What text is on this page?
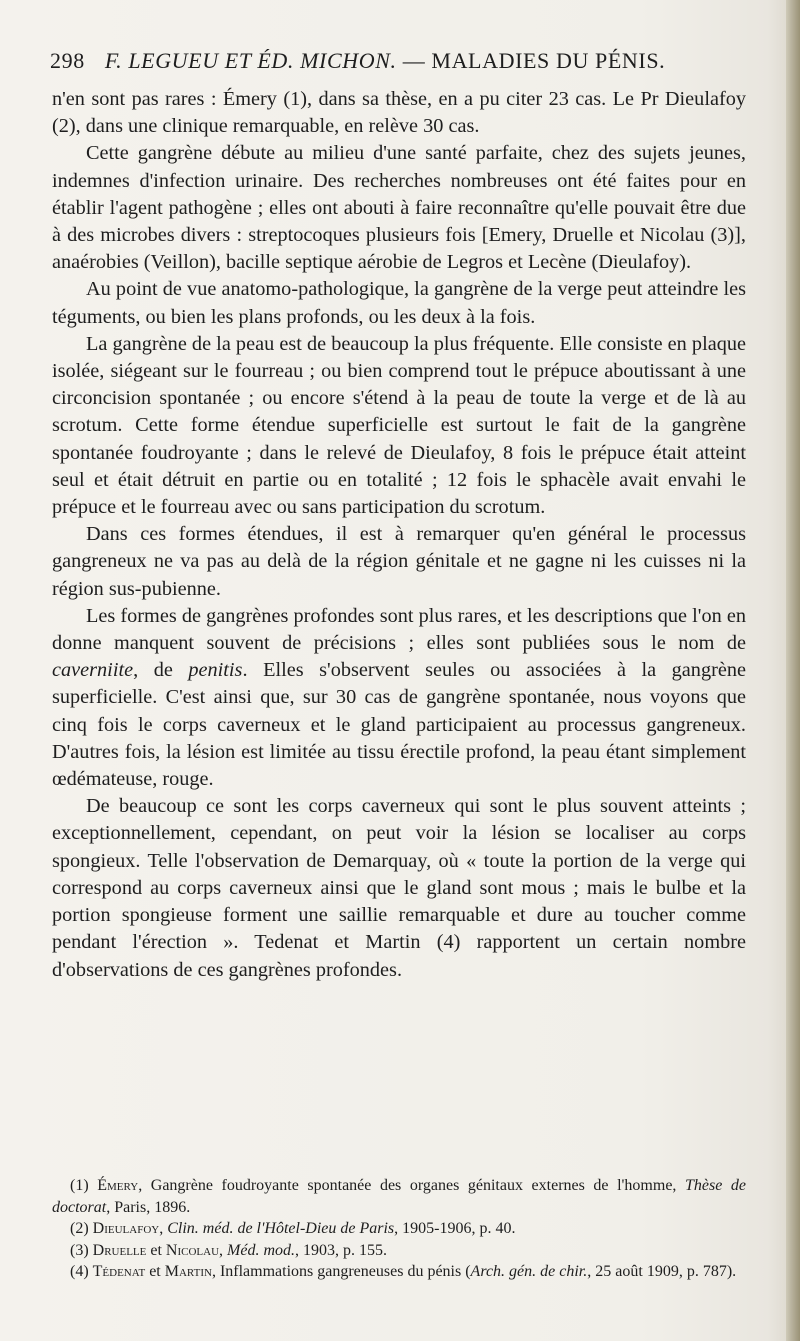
298 F. LEGUEU ET ÉD. MICHON. — MALADIES DU PÉNIS.

n'en sont pas rares : Émery (1), dans sa thèse, en a pu citer 23 cas. Le Pr Dieulafoy (2), dans une clinique remarquable, en relève 30 cas.

Cette gangrène débute au milieu d'une santé parfaite, chez des sujets jeunes, indemnes d'infection urinaire. Des recherches nombreuses ont été faites pour en établir l'agent pathogène ; elles ont abouti à faire reconnaître qu'elle pouvait être due à des microbes divers : streptocoques plusieurs fois [Emery, Druelle et Nicolau (3)], anaérobies (Veillon), bacille septique aérobie de Legros et Lecène (Dieulafoy).

Au point de vue anatomo-pathologique, la gangrène de la verge peut atteindre les téguments, ou bien les plans profonds, ou les deux à la fois.

La gangrène de la peau est de beaucoup la plus fréquente. Elle consiste en plaque isolée, siégeant sur le fourreau ; ou bien comprend tout le prépuce aboutissant à une circoncision spontanée ; ou encore s'étend à la peau de toute la verge et de là au scrotum. Cette forme étendue superficielle est surtout le fait de la gangrène spontanée foudroyante ; dans le relevé de Dieulafoy, 8 fois le prépuce était atteint seul et était détruit en partie ou en totalité ; 12 fois le sphacèle avait envahi le prépuce et le fourreau avec ou sans participation du scrotum.

Dans ces formes étendues, il est à remarquer qu'en général le processus gangreneux ne va pas au delà de la région génitale et ne gagne ni les cuisses ni la région sus-pubienne.

Les formes de gangrènes profondes sont plus rares, et les descriptions que l'on en donne manquent souvent de précisions ; elles sont publiées sous le nom de caverniite, de penitis. Elles s'observent seules ou associées à la gangrène superficielle. C'est ainsi que, sur 30 cas de gangrène spontanée, nous voyons que cinq fois le corps caverneux et le gland participaient au processus gangreneux. D'autres fois, la lésion est limitée au tissu érectile profond, la peau étant simplement œdémateuse, rouge.

De beaucoup ce sont les corps caverneux qui sont le plus souvent atteints ; exceptionnellement, cependant, on peut voir la lésion se localiser au corps spongieux. Telle l'observation de Demarquay, où « toute la portion de la verge qui correspond au corps caverneux ainsi que le gland sont mous ; mais le bulbe et la portion spongieuse forment une saillie remarquable et dure au toucher comme pendant l'érection ». Tedenat et Martin (4) rapportent un certain nombre d'observations de ces gangrènes profondes.

(1) Émery, Gangrène foudroyante spontanée des organes génitaux externes de l'homme, Thèse de doctorat, Paris, 1896.

(2) Dieulafoy, Clin. méd. de l'Hôtel-Dieu de Paris, 1905-1906, p. 40.

(3) Druelle et Nicolau, Méd. mod., 1903, p. 155.

(4) Tédenat et Martin, Inflammations gangreneuses du pénis (Arch. gén. de chir., 25 août 1909, p. 787).
